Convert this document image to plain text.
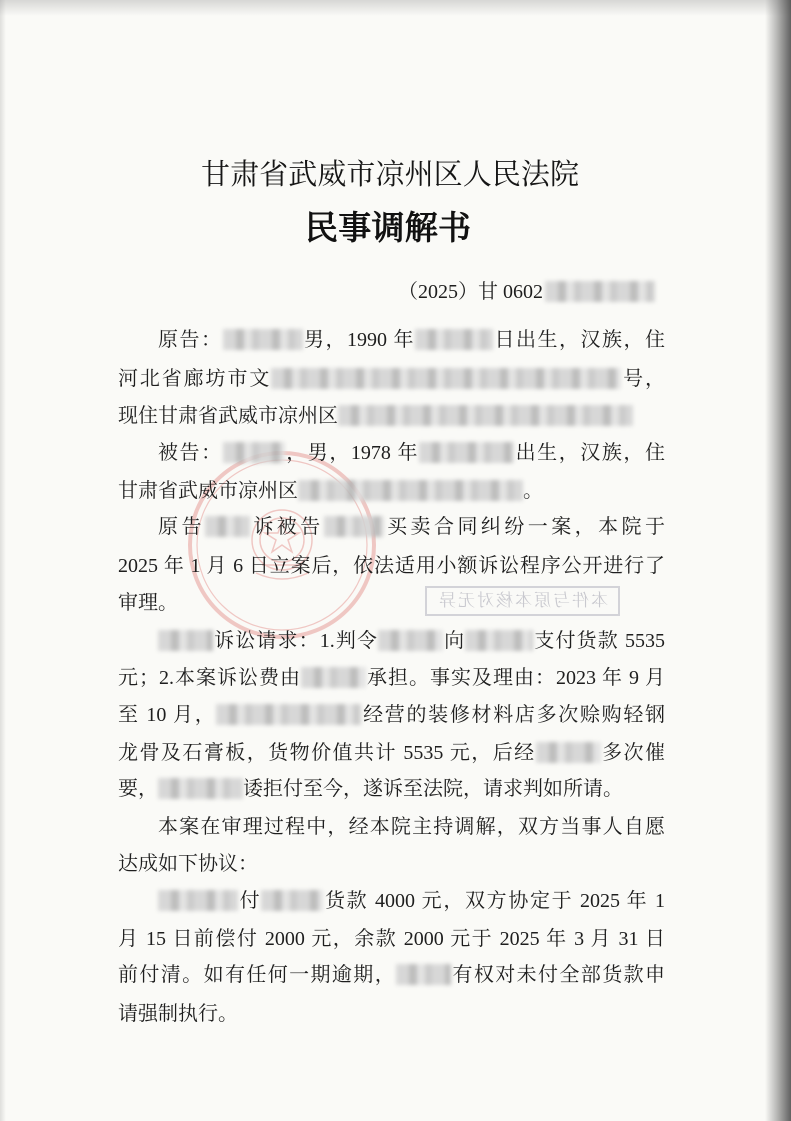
本件与原本核对无异
甘肃省武威市凉州区人民法院
民事调解书
（2025）甘 0602
原告：	男，1990 年	日出生，汉族，住
河北省廊坊市文	号，
现住甘肃省武威市凉州区
被告：	，男，1978 年	出生，汉族，住
甘肃省武威市凉州区	。
原告 诉被告	买卖合同纠纷一案，本院于
2025 年 1 月 6 日立案后，依法适用小额诉讼程序公开进行了
审理。
诉讼请求：1.判令	向	支付货款 5535
元；2.本案诉讼费由	承担。事实及理由：2023 年 9 月
至 10 月，	经营的装修材料店多次赊购轻钢
龙骨及石膏板，货物价值共计 5535 元，后经	多次催
要，	诿拒付至今，遂诉至法院，请求判如所请。
本案在审理过程中，经本院主持调解，双方当事人自愿
达成如下协议：
付	货款 4000 元，双方协定于 2025 年 1
月 15 日前偿付 2000 元，余款 2000 元于 2025 年 3 月 31 日
前付清。如有任何一期逾期，	有权对未付全部货款申
请强制执行。
